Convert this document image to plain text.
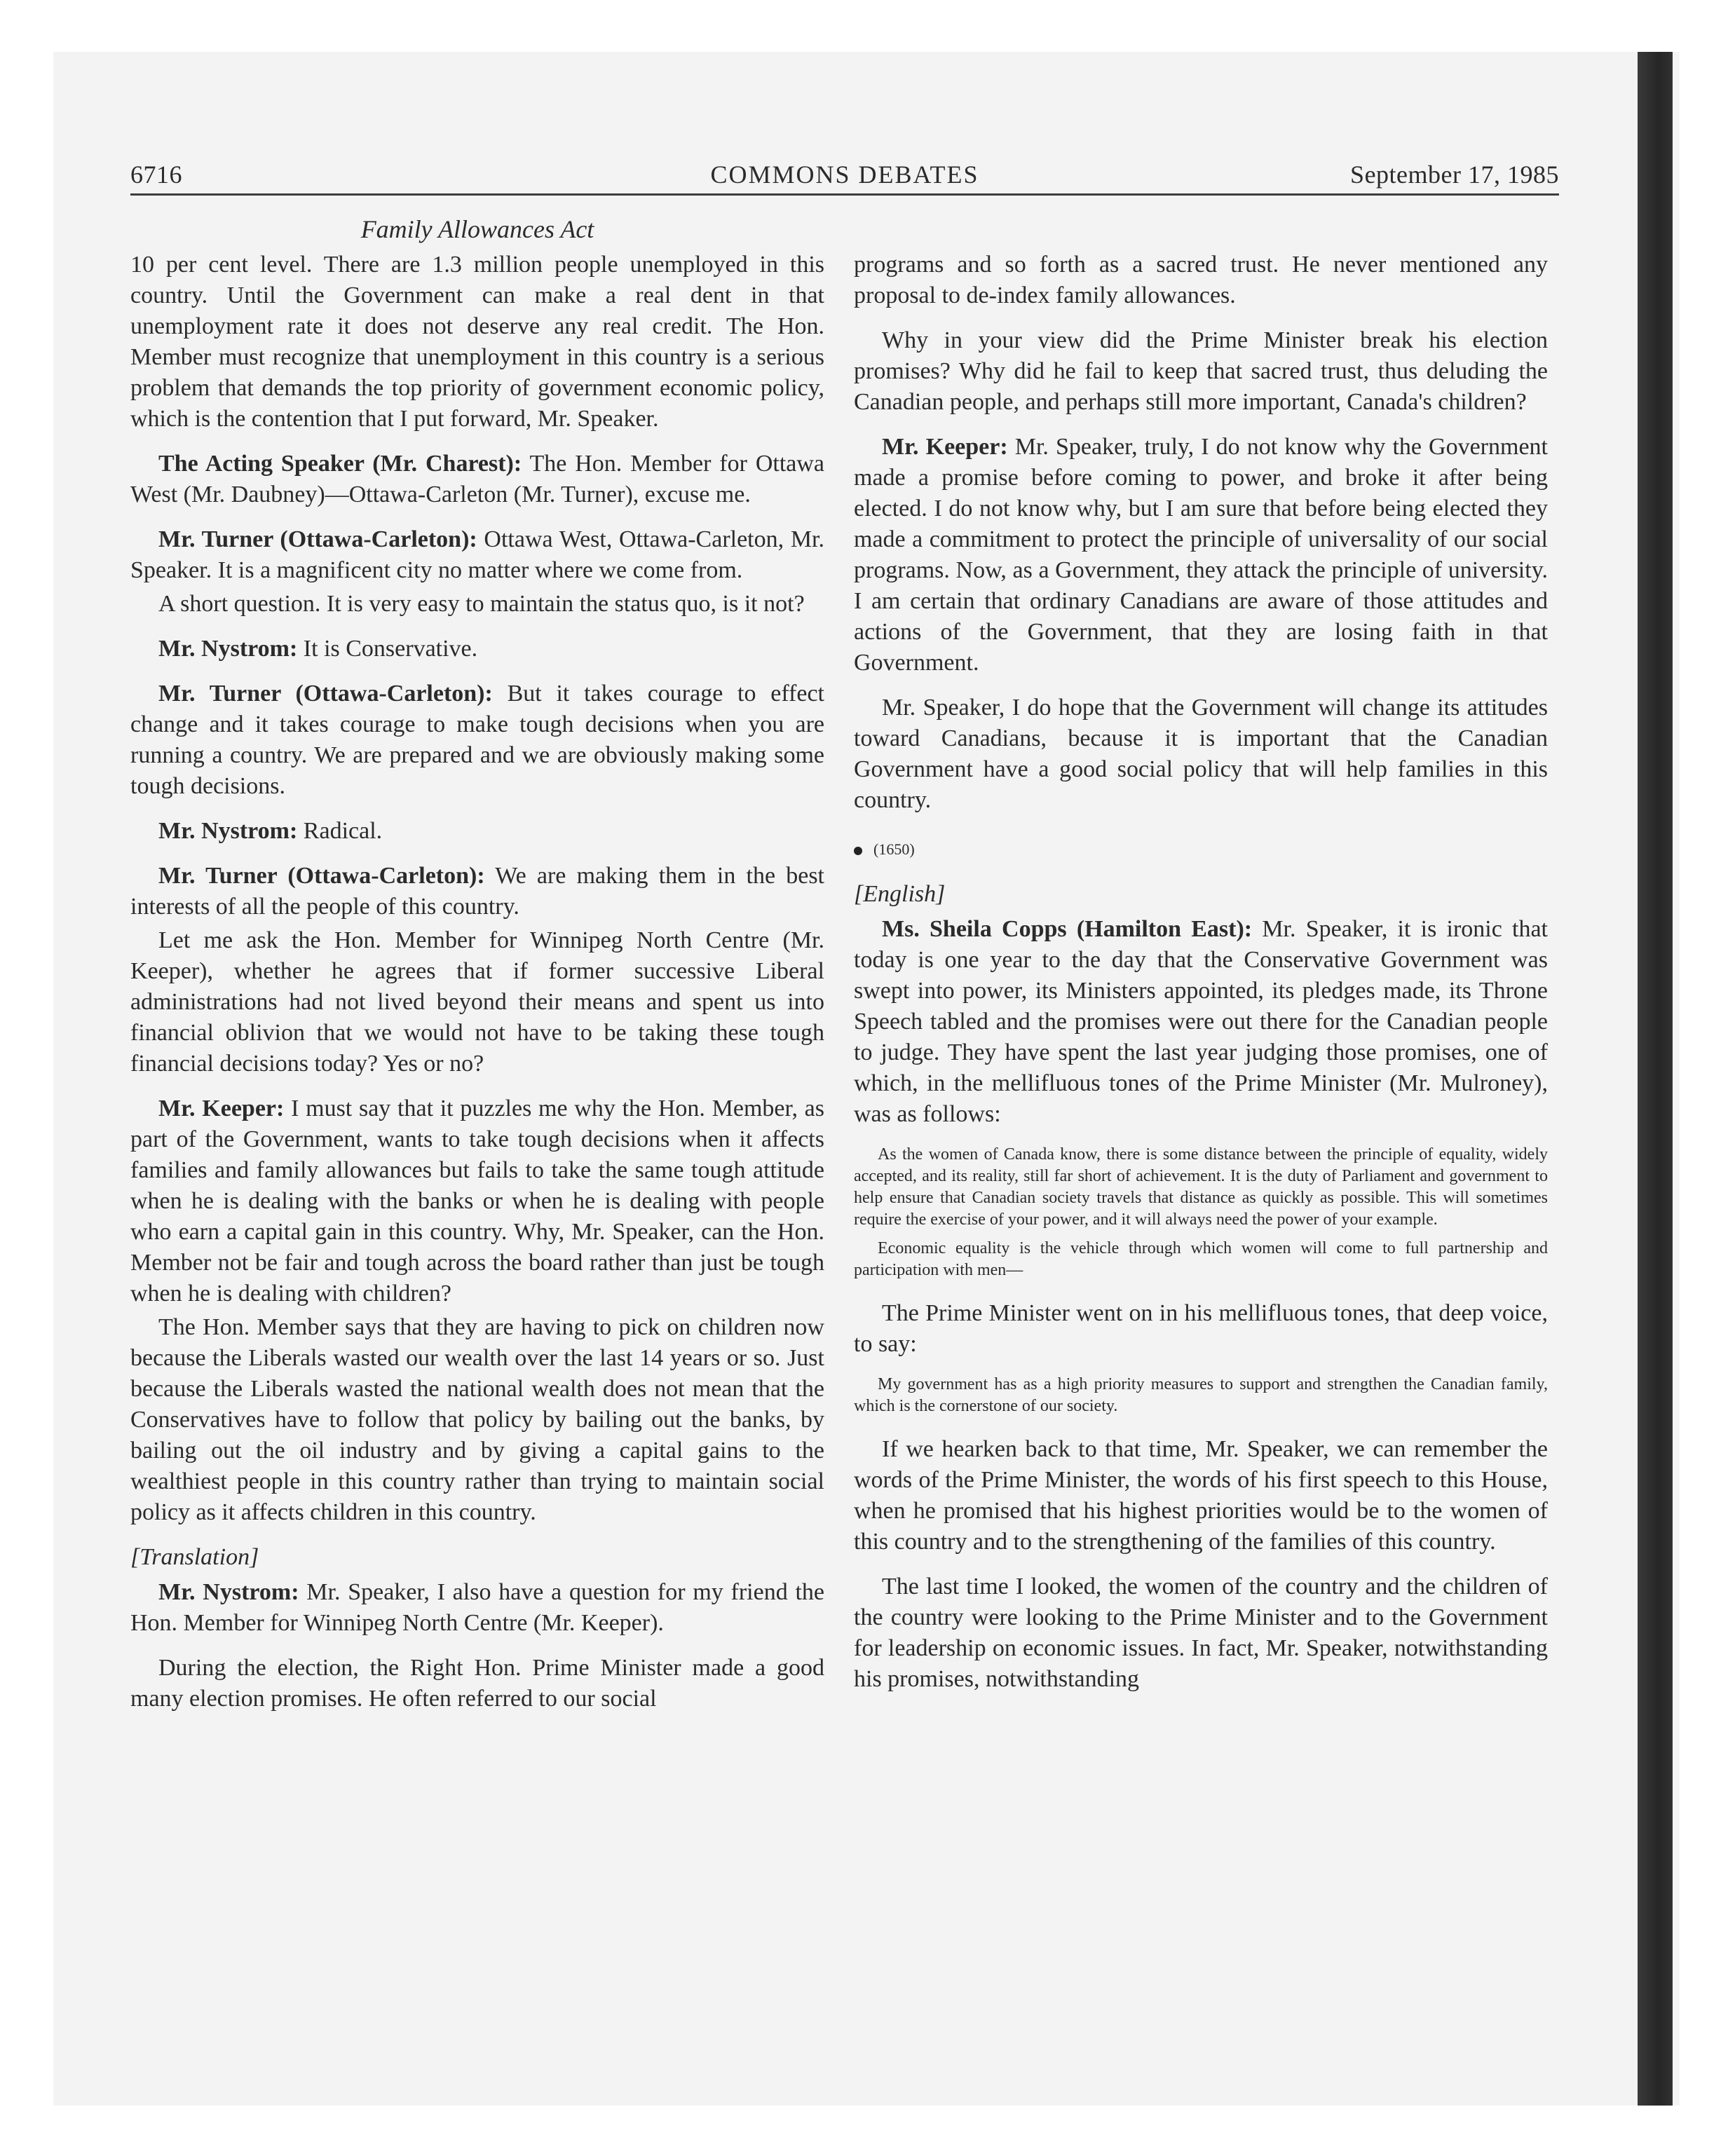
6716	COMMONS DEBATES	September 17, 1985
Family Allowances Act

10 per cent level. There are 1.3 million people unemployed in this country. Until the Government can make a real dent in that unemployment rate it does not deserve any real credit. The Hon. Member must recognize that unemployment in this country is a serious problem that demands the top priority of government economic policy, which is the contention that I put forward, Mr. Speaker.

The Acting Speaker (Mr. Charest): The Hon. Member for Ottawa West (Mr. Daubney)—Ottawa-Carleton (Mr. Turner), excuse me.

Mr. Turner (Ottawa-Carleton): Ottawa West, Ottawa-Carleton, Mr. Speaker. It is a magnificent city no matter where we come from.

A short question. It is very easy to maintain the status quo, is it not?

Mr. Nystrom: It is Conservative.

Mr. Turner (Ottawa-Carleton): But it takes courage to effect change and it takes courage to make tough decisions when you are running a country. We are prepared and we are obviously making some tough decisions.

Mr. Nystrom: Radical.

Mr. Turner (Ottawa-Carleton): We are making them in the best interests of all the people of this country.

Let me ask the Hon. Member for Winnipeg North Centre (Mr. Keeper), whether he agrees that if former successive Liberal administrations had not lived beyond their means and spent us into financial oblivion that we would not have to be taking these tough financial decisions today? Yes or no?

Mr. Keeper: I must say that it puzzles me why the Hon. Member, as part of the Government, wants to take tough decisions when it affects families and family allowances but fails to take the same tough attitude when he is dealing with the banks or when he is dealing with people who earn a capital gain in this country. Why, Mr. Speaker, can the Hon. Member not be fair and tough across the board rather than just be tough when he is dealing with children?

The Hon. Member says that they are having to pick on children now because the Liberals wasted our wealth over the last 14 years or so. Just because the Liberals wasted the national wealth does not mean that the Conservatives have to follow that policy by bailing out the banks, by bailing out the oil industry and by giving a capital gains to the wealthiest people in this country rather than trying to maintain social policy as it affects children in this country.

[Translation]

Mr. Nystrom: Mr. Speaker, I also have a question for my friend the Hon. Member for Winnipeg North Centre (Mr. Keeper).

During the election, the Right Hon. Prime Minister made a good many election promises. He often referred to our social

programs and so forth as a sacred trust. He never mentioned any proposal to de-index family allowances.

Why in your view did the Prime Minister break his election promises? Why did he fail to keep that sacred trust, thus deluding the Canadian people, and perhaps still more important, Canada's children?

Mr. Keeper: Mr. Speaker, truly, I do not know why the Government made a promise before coming to power, and broke it after being elected. I do not know why, but I am sure that before being elected they made a commitment to protect the principle of universality of our social programs. Now, as a Government, they attack the principle of university. I am certain that ordinary Canadians are aware of those attitudes and actions of the Government, that they are losing faith in that Government.

Mr. Speaker, I do hope that the Government will change its attitudes toward Canadians, because it is important that the Canadian Government have a good social policy that will help families in this country.

(1650)

[English]

Ms. Sheila Copps (Hamilton East): Mr. Speaker, it is ironic that today is one year to the day that the Conservative Government was swept into power, its Ministers appointed, its pledges made, its Throne Speech tabled and the promises were out there for the Canadian people to judge. They have spent the last year judging those promises, one of which, in the mellifluous tones of the Prime Minister (Mr. Mulroney), was as follows:

As the women of Canada know, there is some distance between the principle of equality, widely accepted, and its reality, still far short of achievement. It is the duty of Parliament and government to help ensure that Canadian society travels that distance as quickly as possible. This will sometimes require the exercise of your power, and it will always need the power of your example.

Economic equality is the vehicle through which women will come to full partnership and participation with men—

The Prime Minister went on in his mellifluous tones, that deep voice, to say:

My government has as a high priority measures to support and strengthen the Canadian family, which is the cornerstone of our society.

If we hearken back to that time, Mr. Speaker, we can remember the words of the Prime Minister, the words of his first speech to this House, when he promised that his highest priorities would be to the women of this country and to the strengthening of the families of this country.

The last time I looked, the women of the country and the children of the country were looking to the Prime Minister and to the Government for leadership on economic issues. In fact, Mr. Speaker, notwithstanding his promises, notwithstanding
